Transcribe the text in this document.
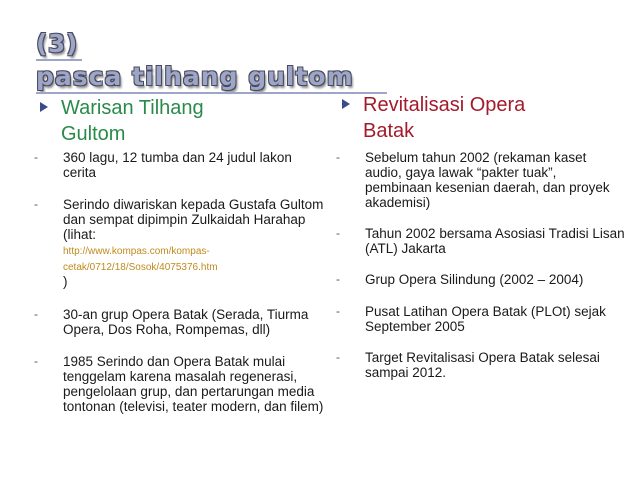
(3)
pasca tilhang gultom
Warisan Tilhang
Gultom
- 360 lagu, 12 tumba dan 24 judul lakon cerita
- Serindo diwariskan kepada Gustafa Gultom dan sempat dipimpin Zulkaidah Harahap (lihat:
http://www.kompas.com/kompas-cetak/0712/18/Sosok/4075376.htm
)
- 30-an grup Opera Batak (Serada, Tiurma Opera, Dos Roha, Rompemas, dll)
- 1985 Serindo dan Opera Batak mulai tenggelam karena masalah regenerasi, pengelolaan grup, dan pertarungan media tontonan (televisi, teater modern, dan filem)
Revitalisasi Opera
Batak
- Sebelum tahun 2002 (rekaman kaset audio, gaya lawak “pakter tuak”, pembinaan kesenian daerah, dan proyek akademisi)
- Tahun 2002 bersama Asosiasi Tradisi Lisan (ATL) Jakarta
- Grup Opera Silindung (2002 – 2004)
- Pusat Latihan Opera Batak (PLOt) sejak September 2005
- Target Revitalisasi Opera Batak selesai sampai 2012.
